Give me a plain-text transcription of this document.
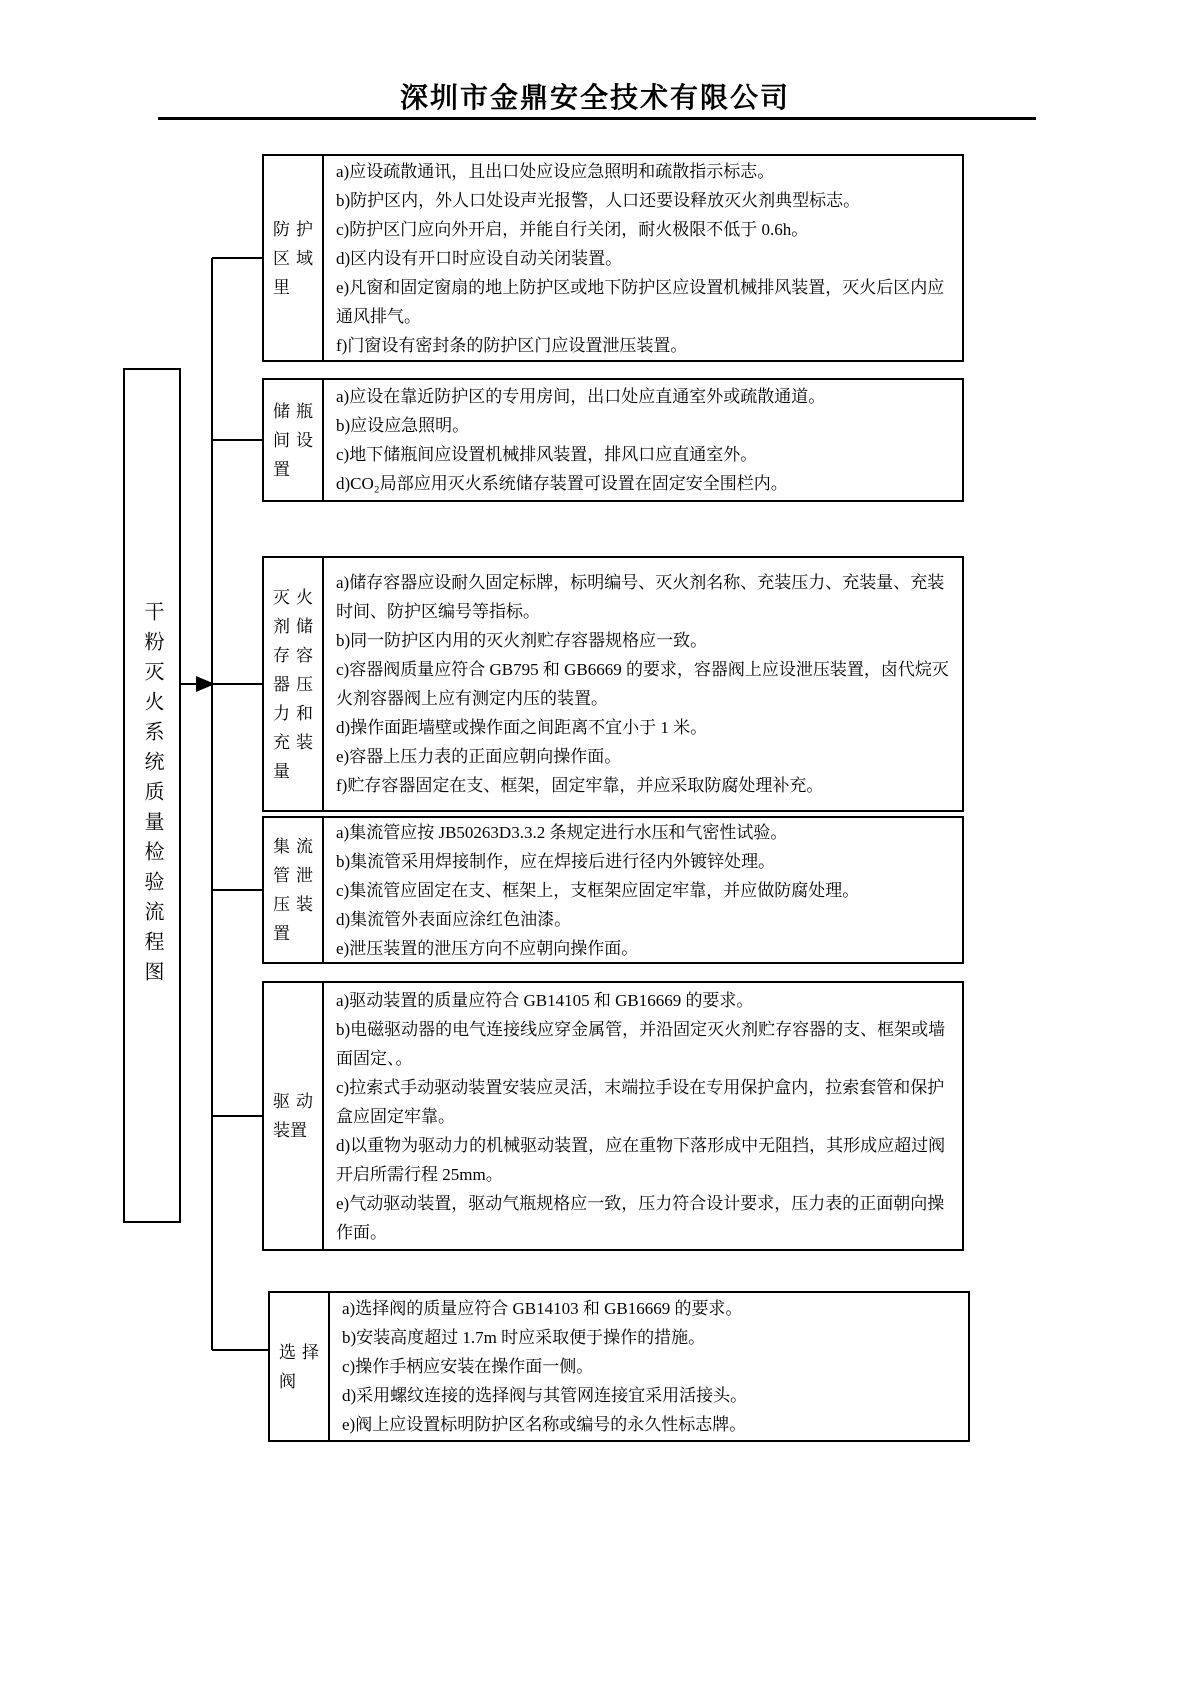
深圳市金鼎安全技术有限公司
干粉灭火系统质量检验流程图
防护区域里

a)应设疏散通讯，且出口处应设应急照明和疏散指示标志。

b)防护区内，外人口处设声光报警，人口还要设释放灭火剂典型标志。

c)防护区门应向外开启，并能自行关闭，耐火极限不低于 0.6h。

d)区内设有开口时应设自动关闭装置。

e)凡窗和固定窗扇的地上防护区或地下防护区应设置机械排风装置，灭火后区内应通风排气。

f)门窗设有密封条的防护区门应设置泄压装置。

储瓶间设置

a)应设在靠近防护区的专用房间，出口处应直通室外或疏散通道。

b)应设应急照明。

c)地下储瓶间应设置机械排风装置，排风口应直通室外。

d)CO₂局部应用灭火系统储存装置可设置在固定安全围栏内。

灭火剂储存容器压力和充装量

a)储存容器应设耐久固定标牌，标明编号、灭火剂名称、充装压力、充装量、充装时间、防护区编号等指标。

b)同一防护区内用的灭火剂贮存容器规格应一致。

c)容器阀质量应符合 GB795 和 GB6669 的要求，容器阀上应设泄压装置，卤代烷灭火剂容器阀上应有测定内压的装置。

d)操作面距墙壁或操作面之间距离不宜小于 1 米。

e)容器上压力表的正面应朝向操作面。

f)贮存容器固定在支、框架，固定牢靠，并应采取防腐处理补充。

集流管泄压装置

a)集流管应按 JB50263D3.3.2 条规定进行水压和气密性试验。

b)集流管采用焊接制作，应在焊接后进行径内外镀锌处理。

c)集流管应固定在支、框架上，支框架应固定牢靠，并应做防腐处理。

d)集流管外表面应涂红色油漆。

e)泄压装置的泄压方向不应朝向操作面。

驱动装置

a)驱动装置的质量应符合 GB14105 和 GB16669 的要求。

b)电磁驱动器的电气连接线应穿金属管，并沿固定灭火剂贮存容器的支、框架或墙面固定、。

c)拉索式手动驱动装置安装应灵活，末端拉手设在专用保护盒内，拉索套管和保护盒应固定牢靠。

d)以重物为驱动力的机械驱动装置，应在重物下落形成中无阻挡，其形成应超过阀开启所需行程 25mm。

e)气动驱动装置，驱动气瓶规格应一致，压力符合设计要求，压力表的正面朝向操作面。

选择阀

a)选择阀的质量应符合 GB14103 和 GB16669 的要求。

b)安装高度超过 1.7m 时应采取便于操作的措施。

c)操作手柄应安装在操作面一侧。

d)采用螺纹连接的选择阀与其管网连接宜采用活接头。

e)阀上应设置标明防护区名称或编号的永久性标志牌。
